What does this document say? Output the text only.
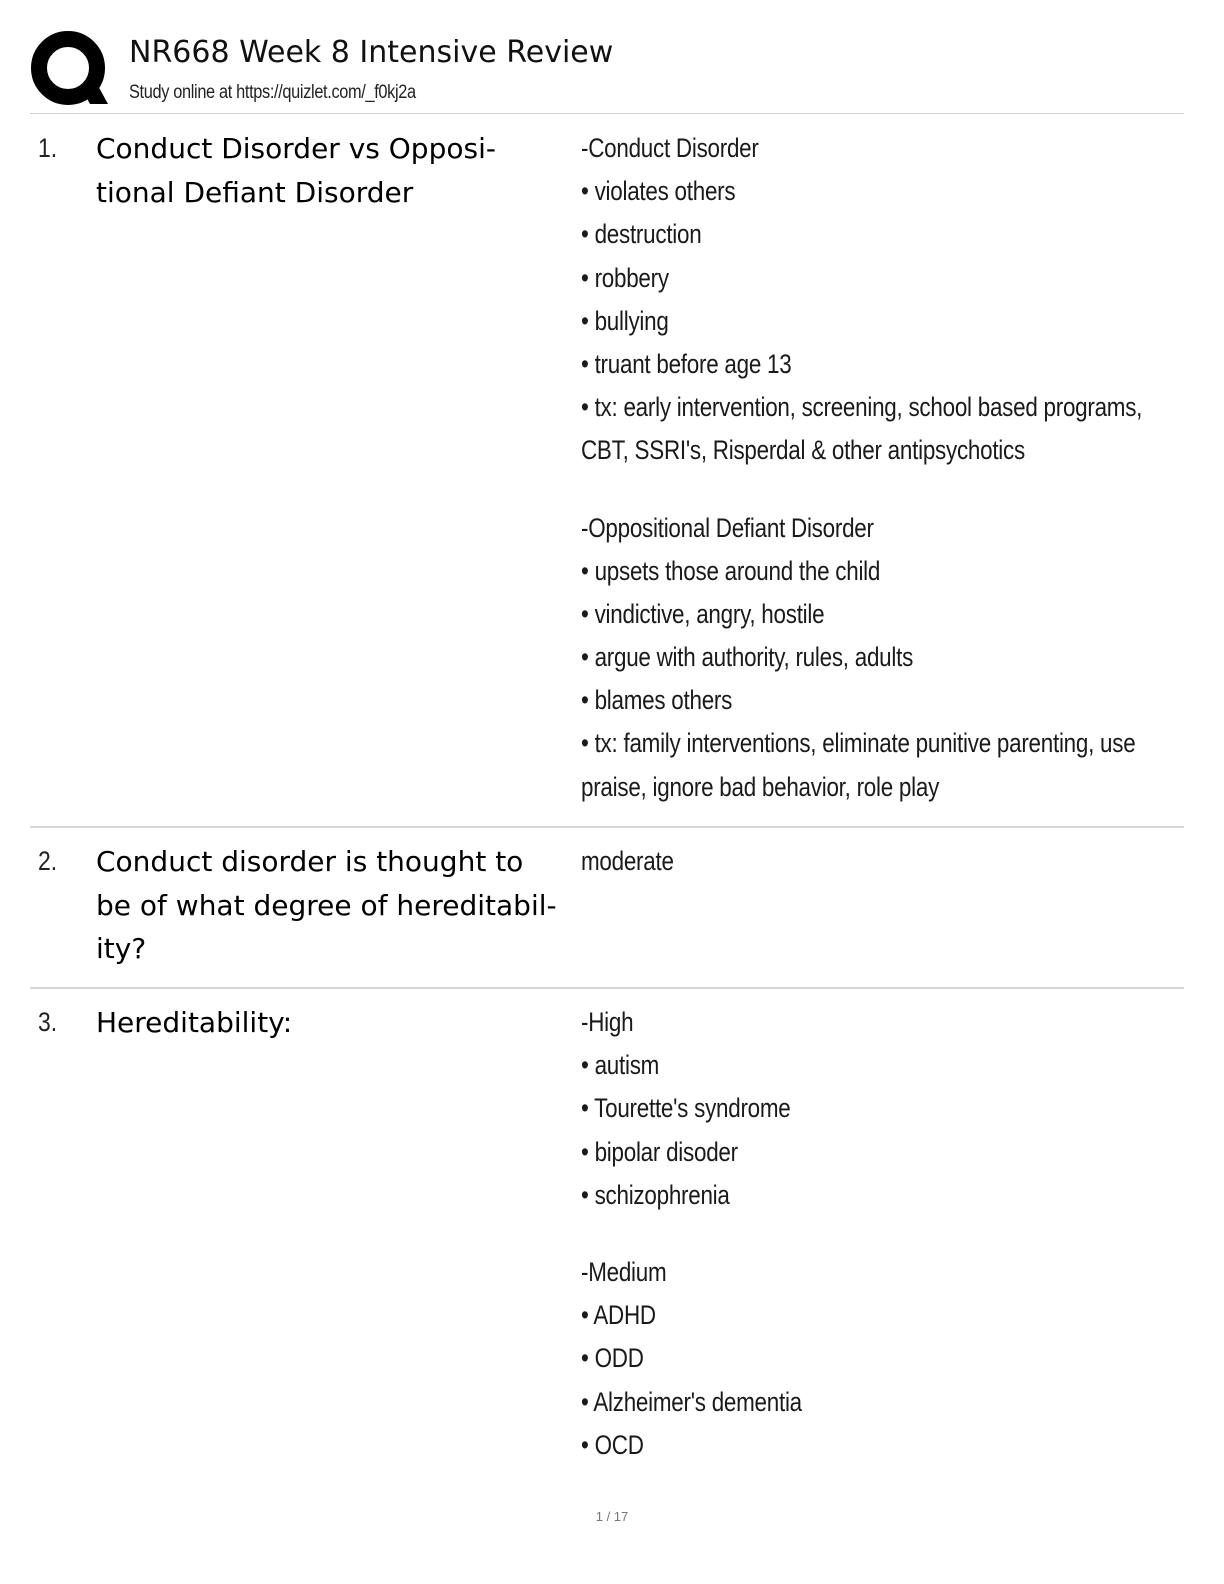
NR668 Week 8 Intensive Review
Study online at https://quizlet.com/_f0kj2a
1. Conduct Disorder vs Opposi-
tional Defiant Disorder
-Conduct Disorder
• violates others
• destruction
• robbery
• bullying
• truant before age 13
• tx: early intervention, screening, school based programs,
CBT, SSRI's, Risperdal & other antipsychotics
-Oppositional Defiant Disorder
• upsets those around the child
• vindictive, angry, hostile
• argue with authority, rules, adults
• blames others
• tx: family interventions, eliminate punitive parenting, use
praise, ignore bad behavior, role play
2. Conduct disorder is thought to
be of what degree of hereditabil-
ity?
moderate
3. Hereditability:	-High
• autism
• Tourette's syndrome
• bipolar disoder
• schizophrenia
-Medium
• ADHD
• ODD
• Alzheimer's dementia
• OCD
1 / 17
